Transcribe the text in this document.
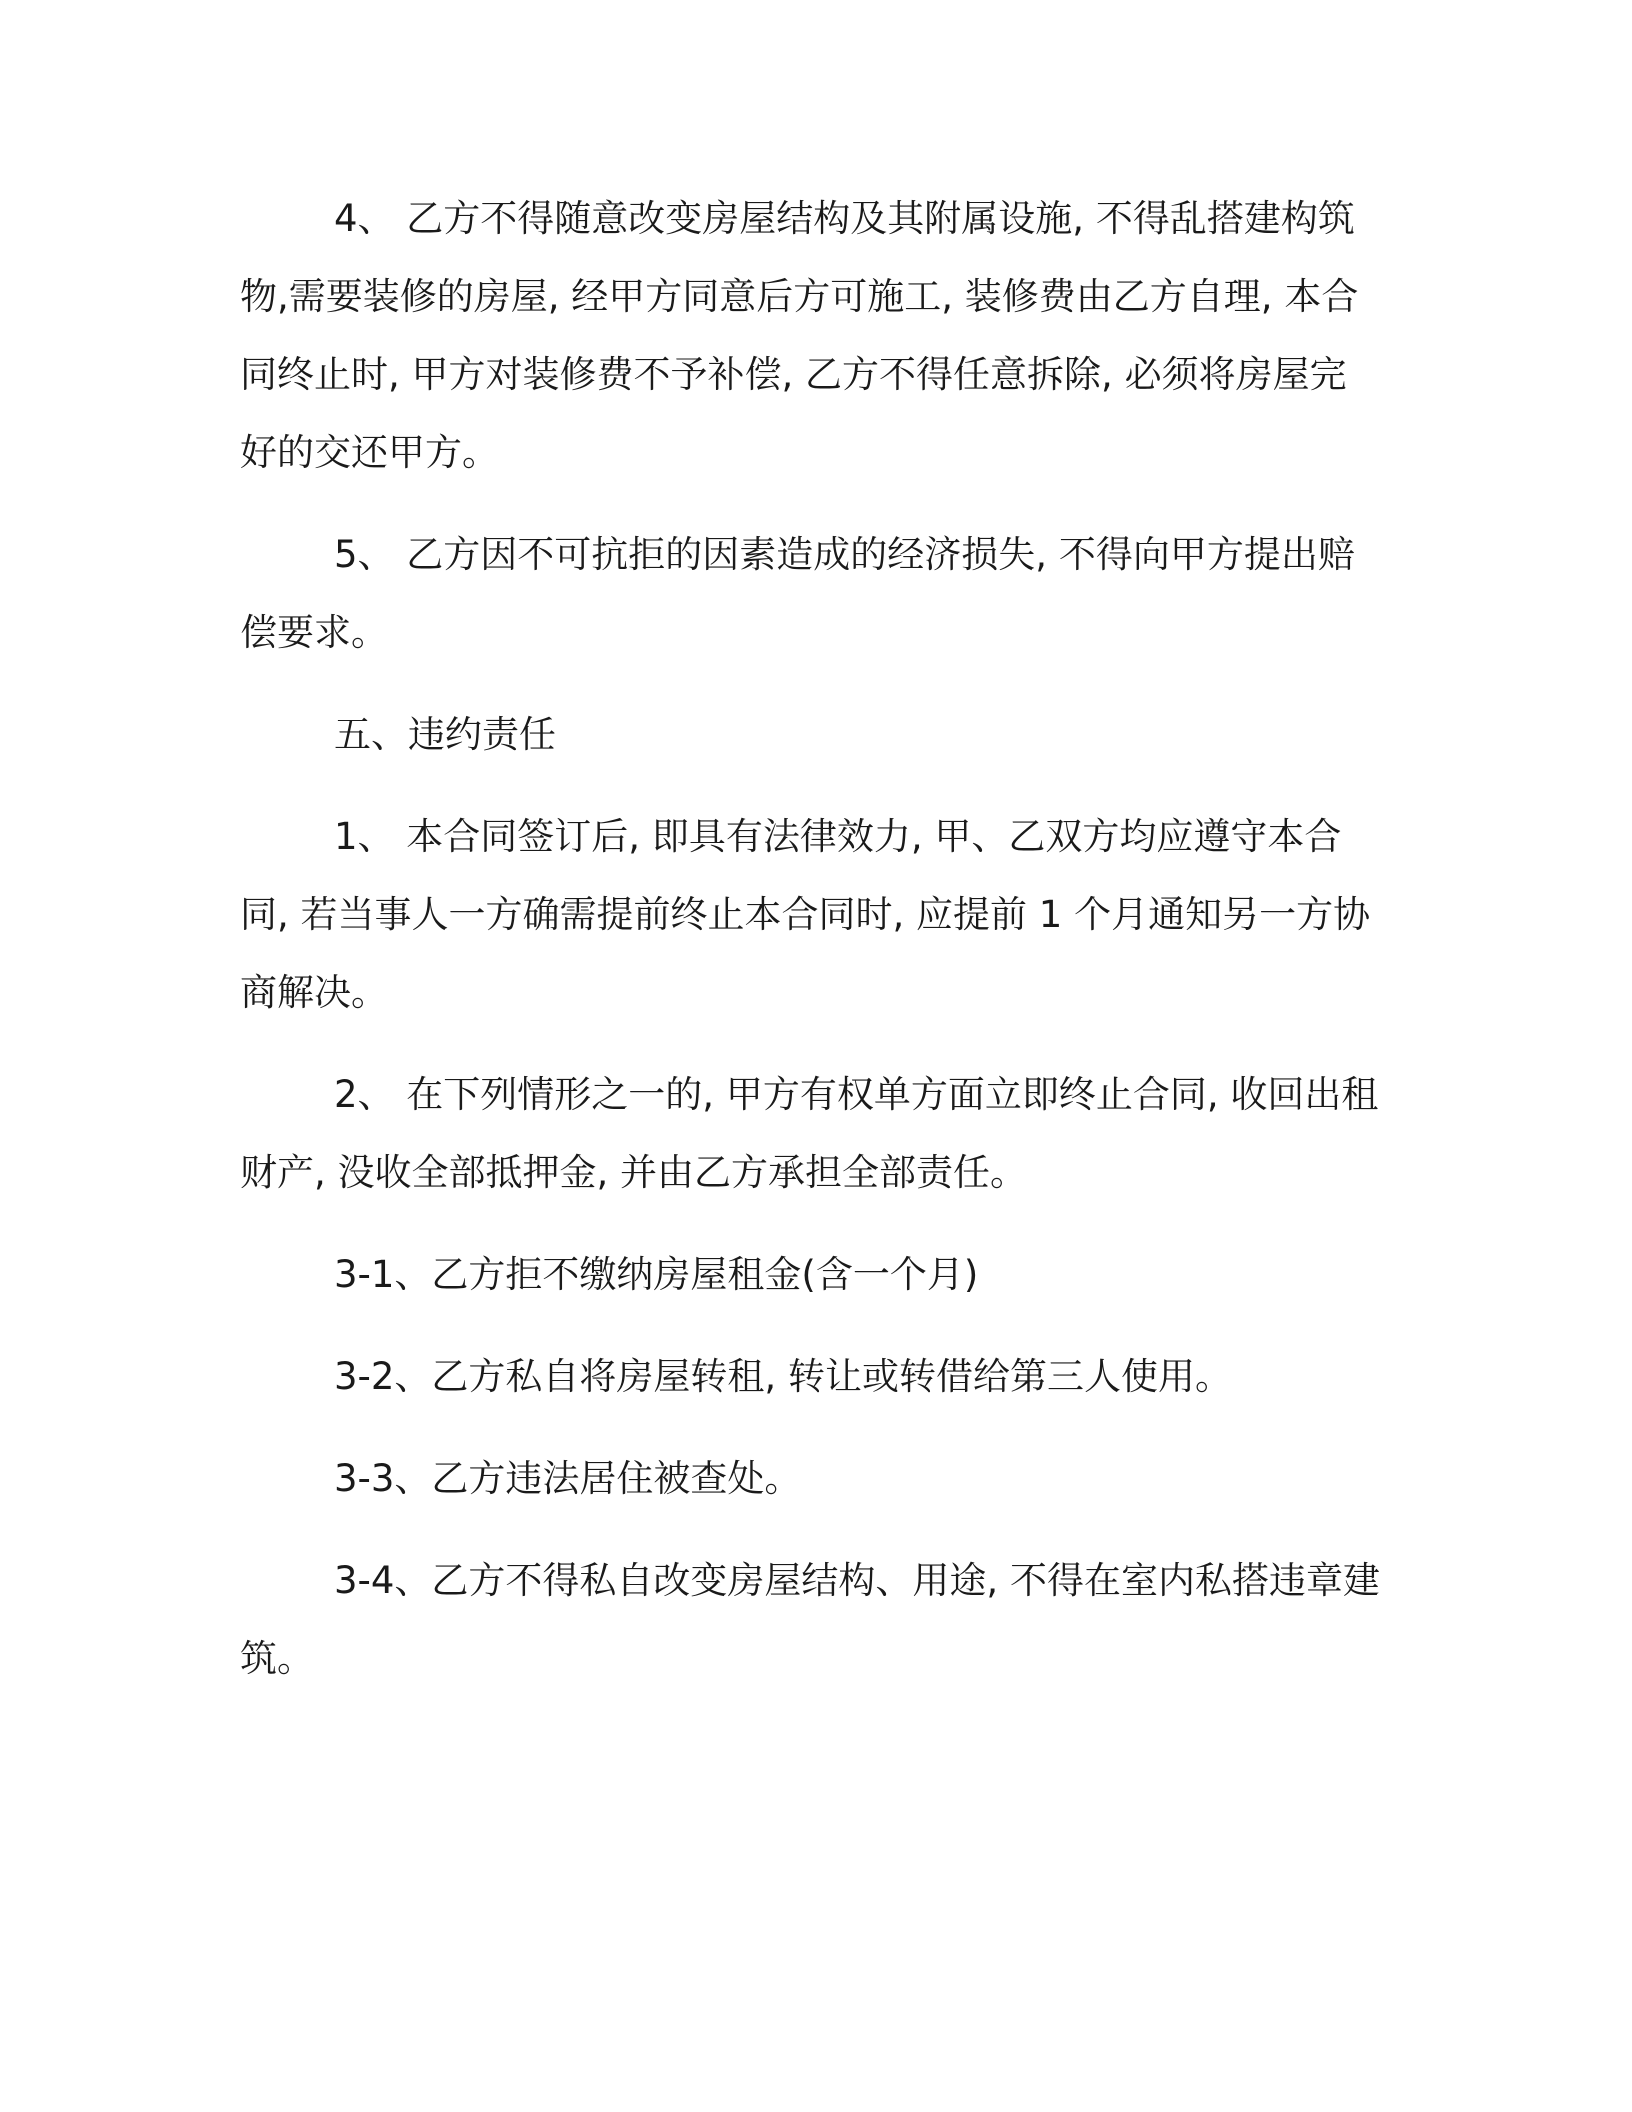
4、 乙方不得随意改变房屋结构及其附属设施, 不得乱搭建构筑物,需要装修的房屋, 经甲方同意后方可施工, 装修费由乙方自理, 本合同终止时, 甲方对装修费不予补偿, 乙方不得任意拆除, 必须将房屋完好的交还甲方。

5、 乙方因不可抗拒的因素造成的经济损失, 不得向甲方提出赔偿要求。

五、违约责任

1、 本合同签订后, 即具有法律效力, 甲、乙双方均应遵守本合同, 若当事人一方确需提前终止本合同时, 应提前 1 个月通知另一方协商解决。

2、 在下列情形之一的, 甲方有权单方面立即终止合同, 收回出租财产, 没收全部抵押金, 并由乙方承担全部责任。

3-1、乙方拒不缴纳房屋租金(含一个月)

3-2、乙方私自将房屋转租, 转让或转借给第三人使用。

3-3、乙方违法居住被查处。

3-4、乙方不得私自改变房屋结构、用途, 不得在室内私搭违章建筑。
